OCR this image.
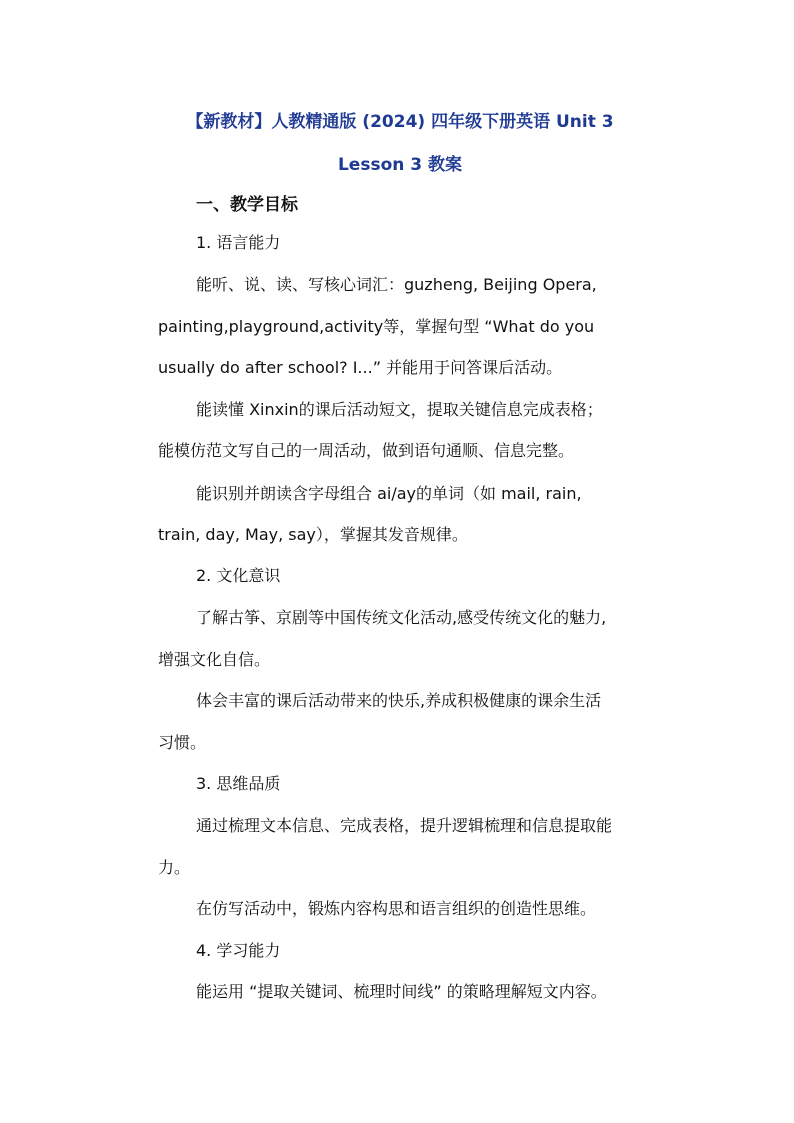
【新教材】人教精通版 (2024) 四年级下册英语 Unit 3
Lesson 3 教案
一、教学目标
1. 语言能力
能听、说、读、写核心词汇：guzheng, Beijing Opera,
painting,playground,activity等，掌握句型 “What do you
usually do after school? I...” 并能用于问答课后活动。
能读懂 Xinxin的课后活动短文，提取关键信息完成表格；
能模仿范文写自己的一周活动，做到语句通顺、信息完整。
能识别并朗读含字母组合 ai/ay的单词（如 mail, rain,
train, day, May, say），掌握其发音规律。
2. 文化意识
了解古筝、京剧等中国传统文化活动,感受传统文化的魅力,
增强文化自信。
体会丰富的课后活动带来的快乐,养成积极健康的课余生活
习惯。
3. 思维品质
通过梳理文本信息、完成表格，提升逻辑梳理和信息提取能
力。
在仿写活动中，锻炼内容构思和语言组织的创造性思维。
4. 学习能力
能运用 “提取关键词、梳理时间线” 的策略理解短文内容。
